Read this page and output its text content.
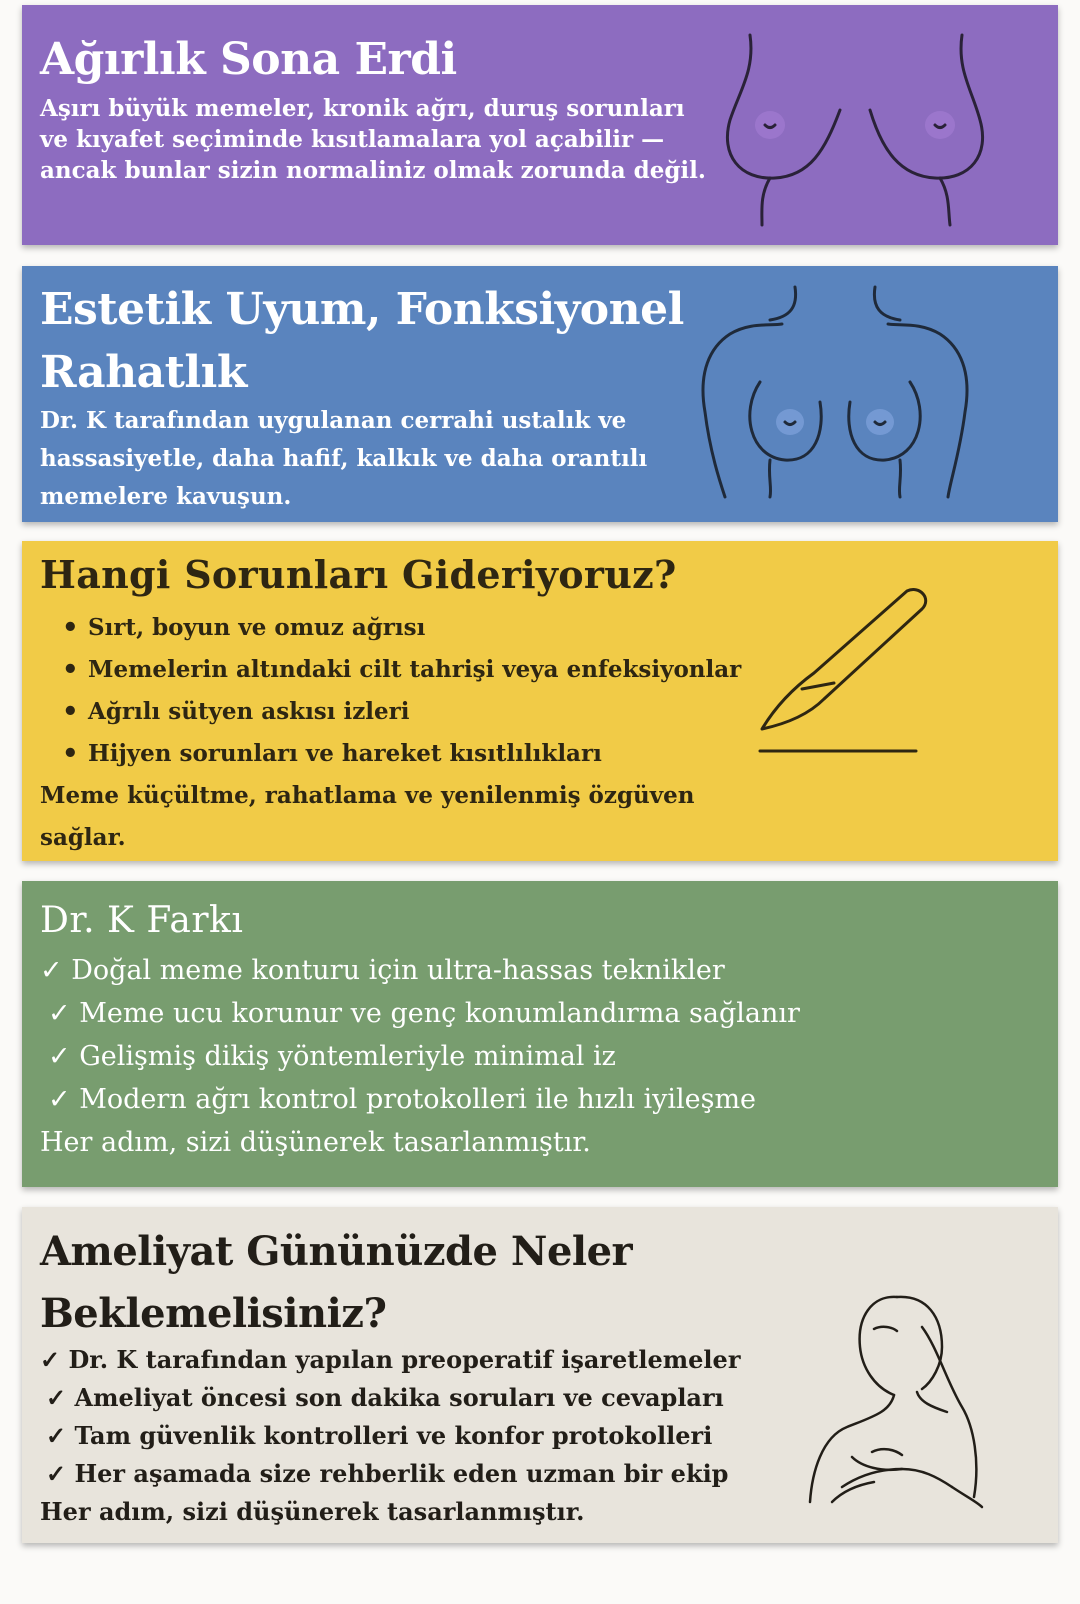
Ağırlık Sona Erdi

Aşırı büyük memeler, kronik ağrı, duruş sorunları ve kıyafet seçiminde kısıtlamalara yol açabilir — ancak bunlar sizin normaliniz olmak zorunda değil.

Estetik Uyum, Fonksiyonel Rahatlık

Dr. K tarafından uygulanan cerrahi ustalık ve hassasiyetle, daha hafif, kalkık ve daha orantılı memelere kavuşun.

Hangi Sorunları Gideriyoruz?
• Sırt, boyun ve omuz ağrısı
• Memelerin altındaki cilt tahrişi veya enfeksiyonlar
• Ağrılı sütyen askısı izleri
• Hijyen sorunları ve hareket kısıtlılıkları

Meme küçültme, rahatlama ve yenilenmiş özgüven sağlar.

Dr. K Farkı
✓ Doğal meme konturu için ultra-hassas teknikler
✓ Meme ucu korunur ve genç konumlandırma sağlanır
✓ Gelişmiş dikiş yöntemleriyle minimal iz
✓ Modern ağrı kontrol protokolleri ile hızlı iyileşme

Her adım, sizi düşünerek tasarlanmıştır.

Ameliyat Gününüzde Neler Beklemelisiniz?
✓ Dr. K tarafından yapılan preoperatif işaretlemeler
✓ Ameliyat öncesi son dakika soruları ve cevapları
✓ Tam güvenlik kontrolleri ve konfor protokolleri
✓ Her aşamada size rehberlik eden uzman bir ekip

Her adım, sizi düşünerek tasarlanmıştır.
